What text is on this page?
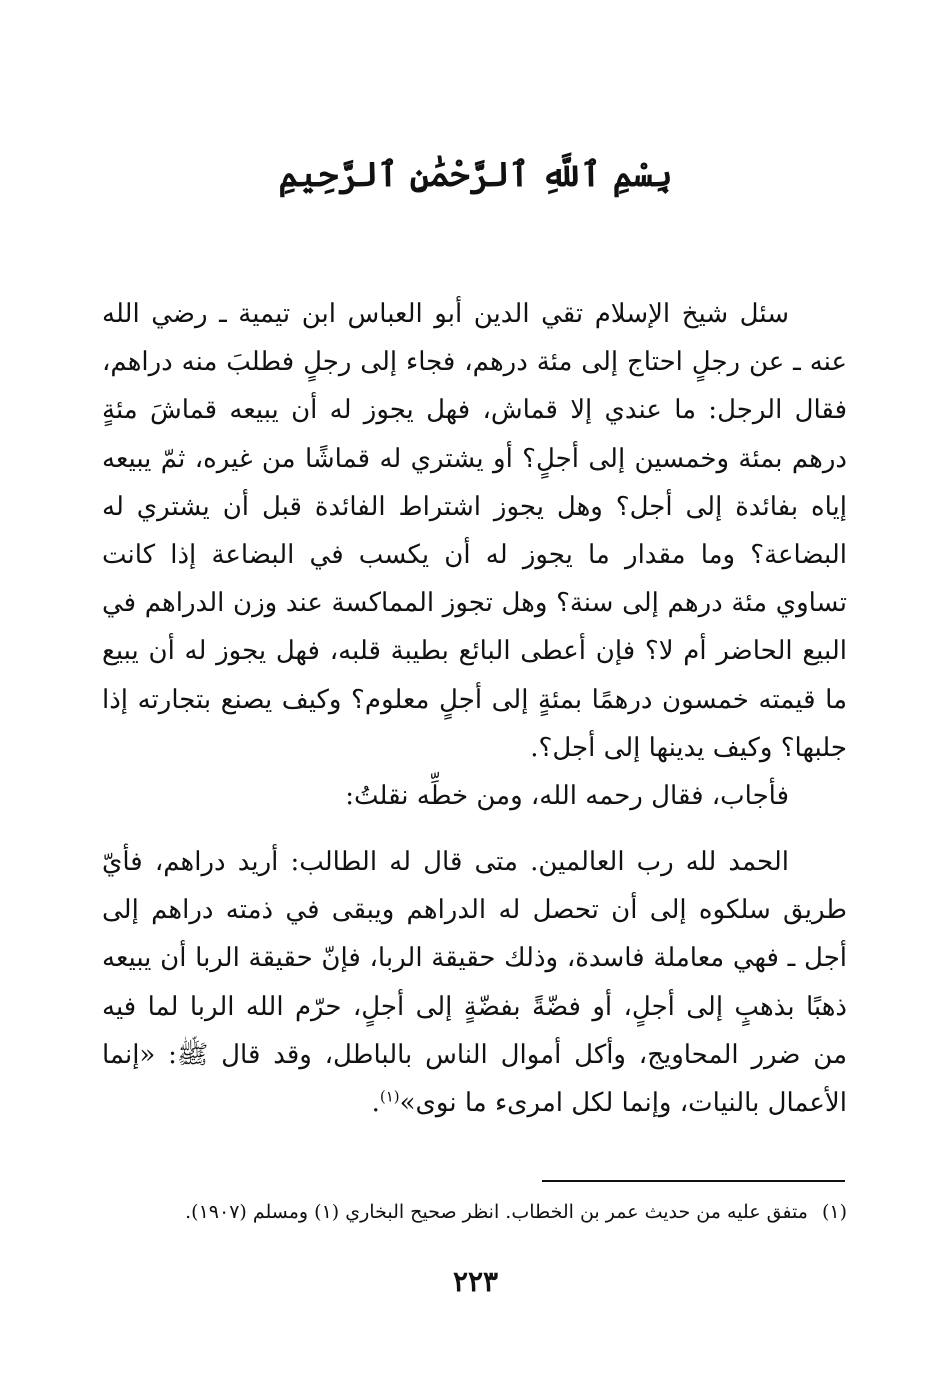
بِسْمِ ٱللَّهِ ٱلرَّحْمَٰنِ ٱلرَّحِيمِ

سئل شيخ الإسلام تقي الدين أبو العباس ابن تيمية ـ رضي الله عنه ـ عن رجلٍ احتاج إلى مئة درهم، فجاء إلى رجلٍ فطلبَ منه دراهم، فقال الرجل: ما عندي إلا قماش، فهل يجوز له أن يبيعه قماشَ مئةٍ درهم بمئة وخمسين إلى أجلٍ؟ أو يشتري له قماشًا من غيره، ثمّ يبيعه إياه بفائدة إلى أجل؟ وهل يجوز اشتراط الفائدة قبل أن يشتري له البضاعة؟ وما مقدار ما يجوز له أن يكسب في البضاعة إذا كانت تساوي مئة درهم إلى سنة؟ وهل تجوز المماكسة عند وزن الدراهم في البيع الحاضر أم لا؟ فإن أعطى البائع بطيبة قلبه، فهل يجوز له أن يبيع ما قيمته خمسون درهمًا بمئةٍ إلى أجلٍ معلوم؟ وكيف يصنع بتجارته إذا جلبها؟ وكيف يدينها إلى أجل؟.

فأجاب، فقال رحمه الله، ومن خطِّه نقلتُ:

الحمد لله رب العالمين. متى قال له الطالب: أريد دراهم، فأيّ طريق سلكوه إلى أن تحصل له الدراهم ويبقى في ذمته دراهم إلى أجل ـ فهي معاملة فاسدة، وذلك حقيقة الربا، فإنّ حقيقة الربا أن يبيعه ذهبًا بذهبٍ إلى أجلٍ، أو فضّةً بفضّةٍ إلى أجلٍ، حرّم الله الربا لما فيه من ضرر المحاويج، وأكل أموال الناس بالباطل، وقد قال ﷺ: «إنما الأعمال بالنيات، وإنما لكل امرىء ما نوى»$^{(١)}$.

(١)متفق عليه من حديث عمر بن الخطاب. انظر صحيح البخاري (١) ومسلم (١٩٠٧).
٢٢٣
